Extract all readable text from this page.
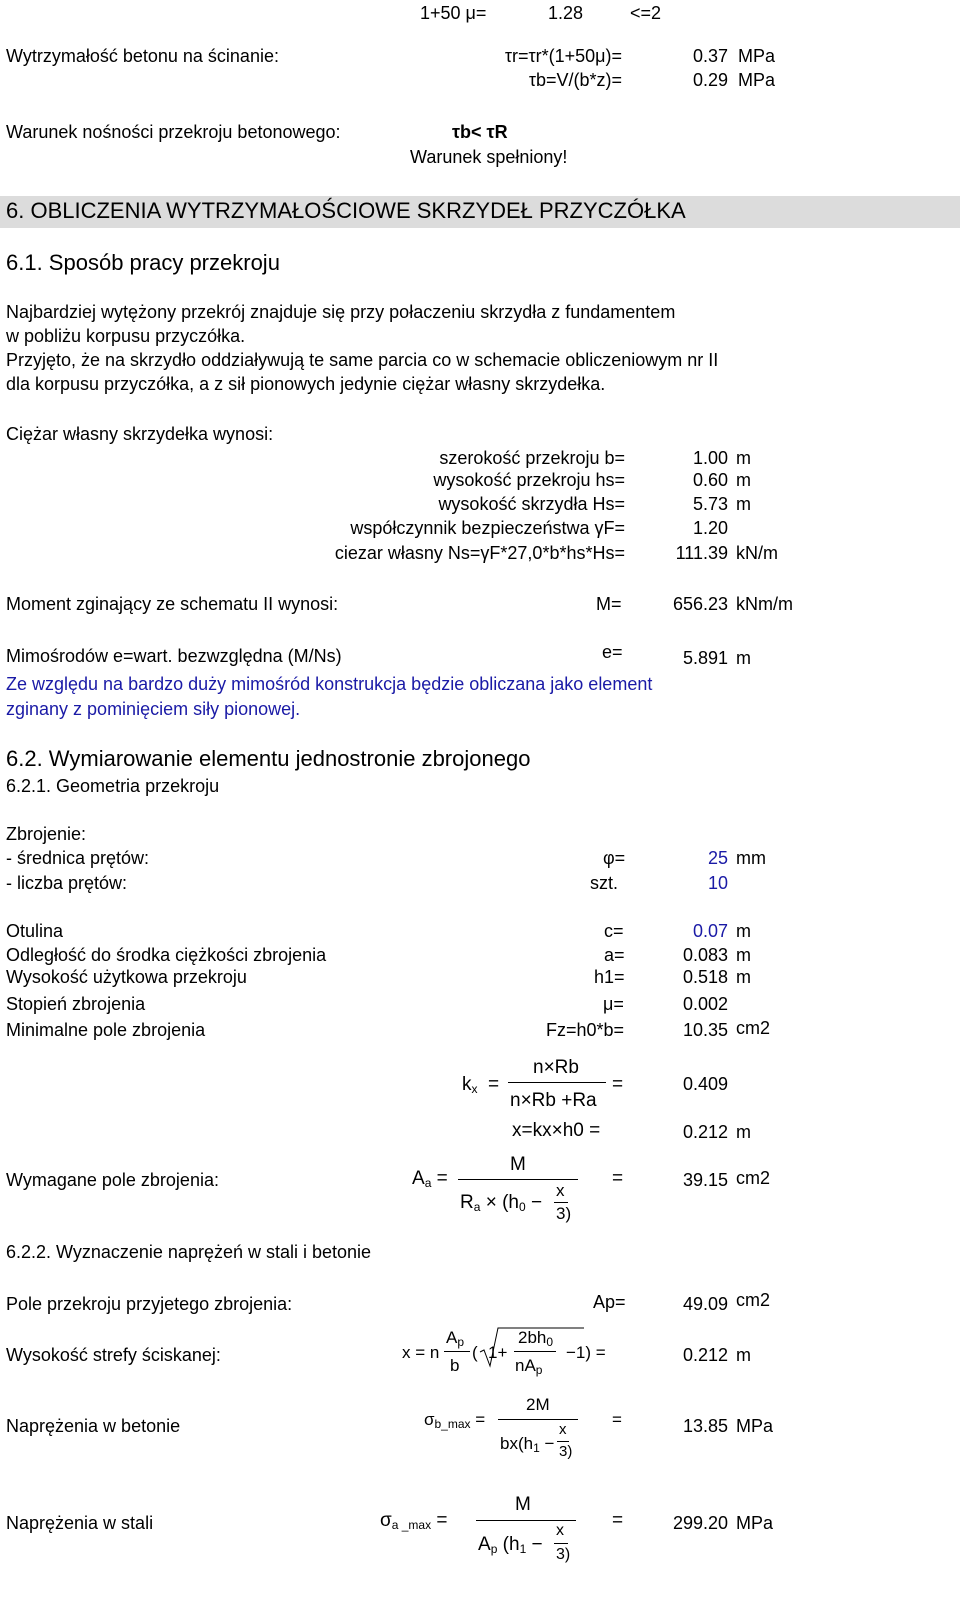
1+50 μ=	1.28	<=2
Wytrzymałość betonu na ścinanie:	τr=τr*(1+50μ)=	0.37 MPa
τb=V/(b*z)=	0.29 MPa
Warunek nośności przekroju betonowego:	τb< τR
Warunek spełniony!
6. OBLICZENIA WYTRZYMAŁOŚCIOWE SKRZYDEŁ PRZYCZÓŁKA
6.1. Sposób pracy przekroju
Najbardziej wytężony przekrój znajduje się przy połaczeniu skrzydła z fundamentem
w pobliżu korpusu przyczółka.
Przyjęto, że na skrzydło oddziaływują te same parcia co w schemacie obliczeniowym nr II
dla korpusu przyczółka, a z sił pionowych jedynie ciężar własny skrzydełka.
Ciężar własny skrzydełka wynosi:
szerokość przekroju b=	1.00 m
wysokość przekroju hs=	0.60 m
wysokość skrzydła Hs=	5.73 m
współczynnik bezpieczeństwa γF=	1.20
ciezar własny Ns=γF*27,0*b*hs*Hs=	111.39 kN/m
Moment zginający ze schematu II wynosi:	M=	656.23 kNm/m
Mimośrodów e=wart. bezwzględna (M/Ns)	e=	5.891 m
Ze względu na bardzo duży mimośród konstrukcja będzie obliczana jako element
zginany z pominięciem siły pionowej.
6.2. Wymiarowanie elementu jednostronie zbrojonego
6.2.1. Geometria przekroju
Zbrojenie:
- średnica prętów:	φ=	25 mm
- liczba prętów:	szt.	10
Otulina	c=	0.07 m
Odległość do środka ciężkości zbrojenia	a=	0.083 m
Wysokość użytkowa przekroju	h1=	0.518 m
Stopień zbrojenia	μ=	0.002
Minimalne pole zbrojenia	Fz=h0*b=	10.35 cm2
$k_x$ =
n×Rb
n×Rb +Ra
=	0.409
x=kx×h0 =	0.212 m
Wymagane pole zbrojenia:	$A_a$ =
M
$R_a \times (h_0$ −
x
3)
=	39.15 cm2
6.2.2. Wyznaczenie naprężeń w stali i betonie
Pole przekroju przyjetego zbrojenia:	Ap=	49.09 cm2
Wysokość strefy ściskanej:	x = n
$A_p$
b
( 1+
$2bh_0$
$nA_p$
−1) =	0.212 m
Naprężenia w betonie	$\sigma_{b\_max}$ =
2M
$bx(h_1$ −
x
3)
=	13.85 MPa
Naprężenia w stali	$\sigma_{a \_max}$ =
M
$A_p$ ($h_1$ −
x
3)
=	299.20 MPa
